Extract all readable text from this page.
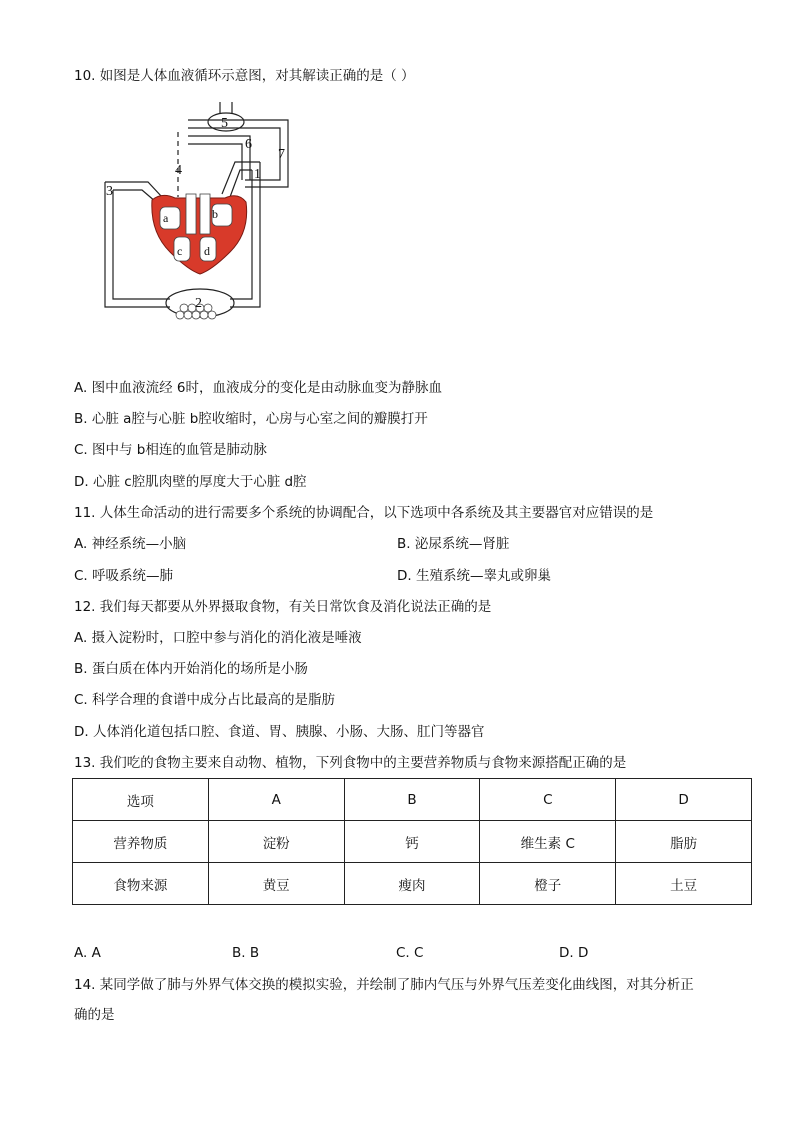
10. 如图是人体血液循环示意图，对其解读正确的是（ ）
1
2
3
4
5
6
7
a	b
c d
A. 图中血液流经 6时，血液成分的变化是由动脉血变为静脉血
B. 心脏 a腔与心脏 b腔收缩时，心房与心室之间的瓣膜打开
C. 图中与 b相连的血管是肺动脉
D. 心脏 c腔肌肉壁的厚度大于心脏 d腔
11. 人体生命活动的进行需要多个系统的协调配合，以下选项中各系统及其主要器官对应错误的是
A. 神经系统—小脑	B. 泌尿系统—肾脏
C. 呼吸系统—肺	D. 生殖系统—睾丸或卵巢
12. 我们每天都要从外界摄取食物，有关日常饮食及消化说法正确的是
A. 摄入淀粉时，口腔中参与消化的消化液是唾液
B. 蛋白质在体内开始消化的场所是小肠
C. 科学合理的食谱中成分占比最高的是脂肪
D. 人体消化道包括口腔、食道、胃、胰腺、小肠、大肠、肛门等器官
13. 我们吃的食物主要来自动物、植物，下列食物中的主要营养物质与食物来源搭配正确的是
选项	A	B	C	D
营养物质	淀粉	钙	维生素 C	脂肪
食物来源	黄豆	瘦肉	橙子	土豆
A. A	B. B	C. C	D. D
14. 某同学做了肺与外界气体交换的模拟实验，并绘制了肺内气压与外界气压差变化曲线图，对其分析正
确的是
